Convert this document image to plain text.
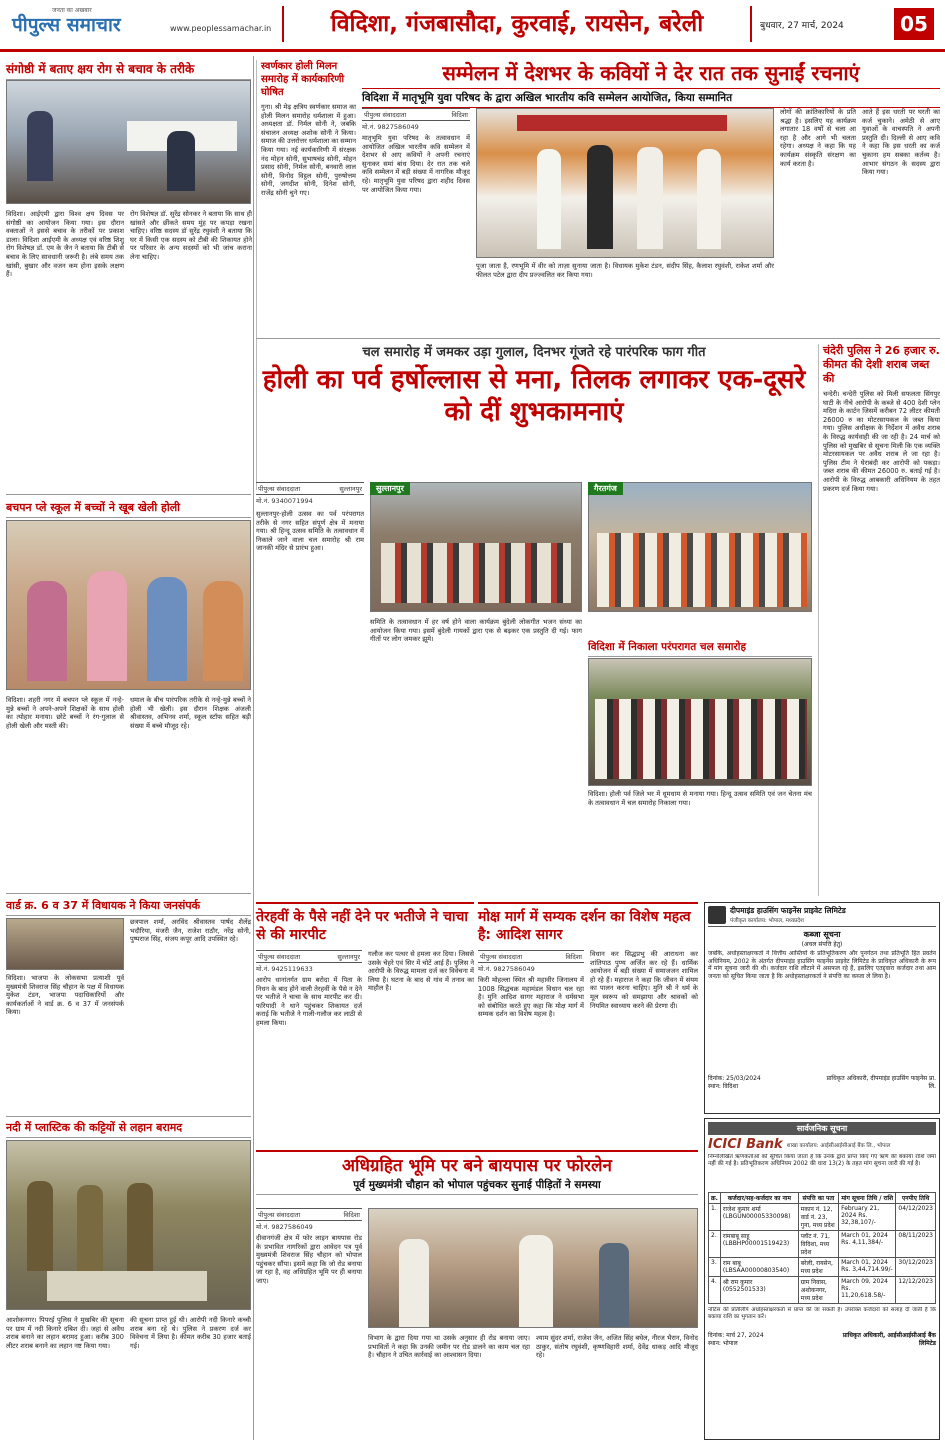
जनता का अखबार
पीपुल्स समाचार	www.peoplessamachar.in	विदिशा, गंजबासौदा, कुरवाई, रायसेन, बरेली	बुधवार, 27 मार्च, 2024	05
संगोष्ठी में बताए क्षय रोग से बचाव के तरीके
विदिशा। आईएमी द्वारा विश्व क्षय दिवस पर संगोष्ठी का आयोजन किया गया। इस दौरान वक्ताओं ने इससे बचाव के तरीकों पर प्रकाश डाला। विदिशा आईएमी के अध्यक्ष एवं वरिष्ठ शिशु रोग विशेषज्ञ डॉ. एम के जैन ने बताया कि टीबी से बचाव के लिए सावधानी जरूरी है। लंबे समय तक खांसी, बुखार और वजन कम होना इसके लक्षण हैं।
स्वर्णकार होली मिलन समारोह में कार्यकारिणी घोषित
गुना। श्री मेढ़ क्षत्रिय स्वर्णकार समाज का होली मिलन समारोह धर्मशाला में हुआ। अध्यक्षता डॉ. निर्मल सोनी ने, जबकि संचालन अध्यक्ष अशोक सोनी ने किया। समाज की उत्तरोत्तर धर्मशाला का सम्मान किया गया। नई कार्यकारिणी में संरक्षक नंद मोहन सोनी, सुभाषचंद्र सोनी, मोहन प्रसाद सोनी, निर्मल सोनी, बनवारी लाल सोनी, विनोद विट्ठल सोनी, पुरुषोत्तम सोनी, जगदीश सोनी, दिनेश सोनी, राजेंद्र सोनी चुने गए।
रोग विशेषज्ञ डॉ. सुरेंद्र सोनकर ने बताया कि साथ ही खांसते और छींकते समय मुंह पर कपड़ा रखना चाहिए। वरिष्ठ सदस्य डॉ सुरेंद्र रघुवंशी ने बताया कि घर में किसी एक सदस्य को टीबी की शिकायत होने पर परिवार के अन्य सदस्यों को भी जांच कराना लेना चाहिए।
सम्मेलन में देशभर के कवियों ने देर रात तक सुनाईं रचनाएं
विदिशा में मातृभूमि युवा परिषद के द्वारा अखिल भारतीय कवि सम्मेलन आयोजित, किया सम्मानित
पीपुल्स संवाददाता	विदिशा
मो.नं. 9827586049
मातृभूमि युवा परिषद के तत्वावधान में आयोजित अखिल भारतीय कवि सम्मेलन में देशभर से आए कवियों ने अपनी रचनाएं सुनाकर समां बांध दिया। देर रात तक चले कवि सम्मेलन में बड़ी संख्या में नागरिक मौजूद रहे। मातृभूमि युवा परिषद द्वारा शहीद दिवस पर आयोजित किया गया।
पूजा जाता है, रणभूमि में वीर को ताज़ा सुनाया जाता है। विधायक मुकेश टंडन, संदीप सिंह, कैलाश रघुवंशी, राकेश शर्मा और फीलत पटेल द्वारा दीप प्रज्ज्वलित कर किया गया।
लोगों की क्रांतिकारियों के प्रति श्रद्धा है। इसलिए यह कार्यक्रम लगातार 18 वर्षों से चला आ रहा है और आगे भी चलता रहेगा। अध्यक्ष ने कहा कि यह कार्यक्रम संस्कृति संरक्षण का कार्य करता है।
आते हैं इस धरती पर घरती का कर्ज चुकाने। अमेठी से आए युवाओं के वाचस्पति ने अपनी प्रस्तुति दी। दिल्ली से आए कवि ने कहा कि इस धरती का कर्ज चुकाना हम सबका कर्तव्य है। आभार संगठन के सदस्य द्वारा किया गया।
चल समारोह में जमकर उड़ा गुलाल, दिनभर गूंजते रहे पारंपरिक फाग गीत
होली का पर्व हर्षोल्लास से मना, तिलक लगाकर एक-दूसरे को दीं शुभकामनाएं
पीपुल्स संवाददाता	सुल्तानपुर
मो.नं. 9340071994
सुल्तानपुर-होली उत्सव का पर्व परंपरागत तरीके से नगर सहित संपूर्ण क्षेत्र में मनाया गया। श्री हिन्दू उत्सव समिति के तत्वावधान में निकाले जाने वाला चल समारोह श्री राम जानकी मंदिर से प्रारंभ हुआ।
सुल्तानपुर	गैरतगंज
समिति के तत्वावधान में हर वर्ष होने वाला कार्यक्रम बुंदेली लोकगीत भजन संध्या का आयोजन किया गया। इसमें बुंदेली गायकों द्वारा एक से बढ़कर एक प्रस्तुति दी गई। फाग गीतों पर लोग जमकर झूमे।
विदिशा में निकाला परंपरागत चल समारोह
विदिशा। होली पर्व जिले भर में धूमधाम से मनाया गया। हिन्दू उत्सव समिति एवं जन चेतना मंच के तत्वावधान में चल समारोह निकाला गया।
चंदेरी पुलिस ने 26 हजार रु. कीमत की देशी शराब जब्त की
चन्देरी। चन्देरी पुलिस को मिली सफलता सिंगपुर घाटी के नीचे आरोपी के कब्जे से 400 देशी प्लेन मदिरा के कार्टन जिसमें करीबन 72 लीटर कीमती 26000 रु का मोटरसायकल के जब्त किया गया। पुलिस अधीक्षक के निर्देशन में अवैध शराब के विरुद्ध कार्यवाही की जा रही है। 24 मार्च को पुलिस को मुखबिर से सूचना मिली कि एक व्यक्ति मोटरसायकल पर अवैध शराब ले जा रहा है। पुलिस टीम ने घेराबंदी कर आरोपी को पकड़ा। जब्त शराब की कीमत 26000 रु. बताई गई है। आरोपी के विरुद्ध आबकारी अधिनियम के तहत प्रकरण दर्ज किया गया।
बचपन प्ले स्कूल में बच्चों ने खूब खेली होली
विदिशा। शहरी नगर में बचपन प्ले स्कूल में नन्हे-मुन्ने बच्चों ने अपने-अपने शिक्षकों के साथ होली का त्योहार मनाया। छोटे बच्चों ने रंग-गुलाल से होली खेली और मस्ती की।
धमाल के बीच पारंपरिक तरीके से नन्हे-मुन्ने बच्चों ने होली भी खेली। इस दौरान शिक्षक अंजली श्रीवास्तव, अभिनव शर्मा, स्कूल स्टॉफ सहित बड़ी संख्या में बच्चे मौजूद रहे।
वार्ड क्र. 6 व 37 में विधायक ने किया जनसंपर्क
विदिशा। भाजपा के लोकसभा प्रत्याशी पूर्व मुख्यमंत्री शिवराज सिंह चौहान के पक्ष में विधायक मुकेश टंडन, भाजपा पदाधिकारियों और कार्यकर्ताओं ने वार्ड क्र. 6 व 37 में जनसंपर्क किया।
छत्रपाल शर्मा, अरविंद श्रीवास्तव पार्षद शैलेंद्र भदौरिया, मंजरी जैन, राजेश राठौर, नरेंद्र सोनी, पुष्पराज सिंह, संजय कपूर आदि उपस्थित रहे।
नदी में प्लास्टिक की कट्टियों से लहान बरामद
आशोकनगर। पिपरई पुलिस ने मुखबिर की सूचना पर ग्राम में नदी किनारे दबिश दी। जहां से अवैध शराब बनाने का लहान बरामद हुआ। करीब 300 लीटर शराब बनाने का लहान नष्ट किया गया।
की सूचना प्राप्त हुई थी। आरोपी नदी किनारे कच्ची शराब बना रहे थे। पुलिस ने प्रकरण दर्ज कर विवेचना में लिया है। कीमत करीब 30 हजार बताई गई।
तेरहवीं के पैसे नहीं देने पर भतीजे ने चाचा से की मारपीट
पीपुल्स संवाददाता	सुल्तानपुर
मो.नं. 9425119633
आरोप धानांतर्गत ग्राम बरोदा में पिता के निधन के बाद होने वाली तेरहवीं के पैसे न देने पर भतीजे ने चाचा के साथ मारपीट कर दी। फरियादी ने थाने पहुंचकर शिकायत दर्ज कराई कि भतीजे ने गाली-गलौज कर लाठी से हमला किया।
गलौज कर पत्थर से हमला कर दिया। जिससे उसके चेहरे एवं सिर में चोटें आई हैं। पुलिस ने आरोपी के विरुद्ध मामला दर्ज कर विवेचना में लिया है। घटना के बाद से गांव में तनाव का माहौल है।
मोक्ष मार्ग में सम्यक दर्शन का विशेष महत्व है: आदिश सागर
पीपुल्स संवाददाता	विदिशा
मो.नं. 9827586049
किरी मोहल्ला स्थित श्री महावीर जिनालय में 1008 सिद्धचक्र महामंडल विधान चल रहा है। मुनि आदिश सागर महाराज ने धर्मसभा को संबोधित करते हुए कहा कि मोक्ष मार्ग में सम्यक दर्शन का विशेष महत्व है।
विधान कर सिद्धप्रभु की आराधना कर शांतिपाठ पुण्य अर्जित कर रहे हैं। धार्मिक आयोजन में बड़ी संख्या में समाजजन शामिल हो रहे हैं। महाराज ने कहा कि जीवन में संयम का पालन करना चाहिए। मुनि श्री ने धर्म के मूल स्वरूप को समझाया और श्रावकों को नियमित स्वाध्याय करने की प्रेरणा दी।
अधिग्रहित भूमि पर बने बायपास पर फोरलेन
पूर्व मुख्यमंत्री चौहान को भोपाल पहुंचकर सुनाई पीड़ितों ने समस्या
पीपुल्स संवाददाता	विदिशा
मो.नं. 9827586049
दीवानगंजी क्षेत्र में फोर लाइन बायपास रोड के प्रभावित नागरिकों द्वारा आवेदन पत्र पूर्व मुख्यमंत्री शिवराज सिंह चौहान को भोपाल पहुंचकर सौंपा। इसमें कहा कि जो रोड बनाया जा रहा है, वह अधिग्रहित भूमि पर ही बनाया जाए।
विभाग के द्वारा दिया गया था उसके अनुसार ही रोड बनाया जाए। प्रभावितों ने कहा कि उनकी जमीन पर रोड डालने का काम चल रहा है। चौहान ने उचित कार्रवाई का आश्वासन दिया।
श्याम सुंदर शर्मा, राजेश जैन, अजित सिंह बघेल, नीरज भैरान, विनोद ठाकुर, संतोष रघुवंशी, कृष्णविहारी शर्मा, देवेंद्र धाकड़ आदि मौजूद रहे।
दीपमाइंड हाउसिंग फाइनेंस प्राइवेट लिमिटेड
पंजीकृत कार्यालय: भोपाल, मध्यप्रदेश
कब्जा सूचना
(अचल संपत्ति हेतु)
जबकि, अधोहस्ताक्षरकर्ता ने वित्तीय आस्तियों के प्रतिभूतिकरण और पुनर्गठन तथा प्रतिभूति हित प्रवर्तन अधिनियम, 2002 के अंतर्गत दीपमाइंड हाउसिंग फाइनेंस प्राइवेट लिमिटेड के प्राधिकृत अधिकारी के रूप में मांग सूचना जारी की थी। कर्जदार राशि लौटाने में असफल रहे हैं, इसलिए एतद्द्वारा कर्जदार तथा आम जनता को सूचित किया जाता है कि अधोहस्ताक्षरकर्ता ने संपत्ति का कब्जा ले लिया है।
दिनांक: 25/03/2024
स्थान: विदिशा
प्राधिकृत अधिकारी, दीपमाइंड हाउसिंग फाइनेंस प्रा. लि.
सार्वजनिक सूचना
ICICI Bank शाखा कार्यालय: आईसीआईसीआई बैंक लि., भोपाल
निम्नलिखित ऋणकर्ताओं को सूचित किया जाता है कि उनके द्वारा प्राप्त किए गए ऋण की बकाया राशि जमा नहीं की गई है। प्रतिभूतिकरण अधिनियम 2002 की धारा 13(2) के तहत मांग सूचना जारी की गई है।
क्र.	कर्जदार/सह-कर्जदार का नाम	संपत्ति का पता	मांग सूचना तिथि / राशि	एनपीए तिथि
1.	राजेश कुमार शर्मा (LBGUN00005330098)	मकान नं. 12, वार्ड नं. 23, गुना, मध्य प्रदेश	February 21, 2024 Rs. 32,38,107/-	04/12/2023
2.	रामबाबू साहू (LBBHP00001519423)	प्लॉट नं. 71, विदिशा, मध्य प्रदेश	March 01, 2024 Rs. 4,11,384/-	08/11/2023
3.	राम बाबू (LBSAA00000803540)	बरेली, रायसेन, मध्य प्रदेश	March 01, 2024 Rs. 3,44,714.99/-	30/12/2023
4.	श्री राम कुमार (0552501533)	ग्राम निवास, अशोकनगर, मध्य प्रदेश	March 09, 2024 Rs. 11,20,618.58/-	12/12/2023
नोटिस की प्रतिलिपि अधोहस्ताक्षरकर्ता से प्राप्त की जा सकती है। उपरोक्त कर्जदारों को सलाह दी जाती है कि बकाया राशि का भुगतान करें।
दिनांक: मार्च 27, 2024
स्थान: भोपाल
प्राधिकृत अधिकारी, आईसीआईसीआई बैंक लिमिटेड
